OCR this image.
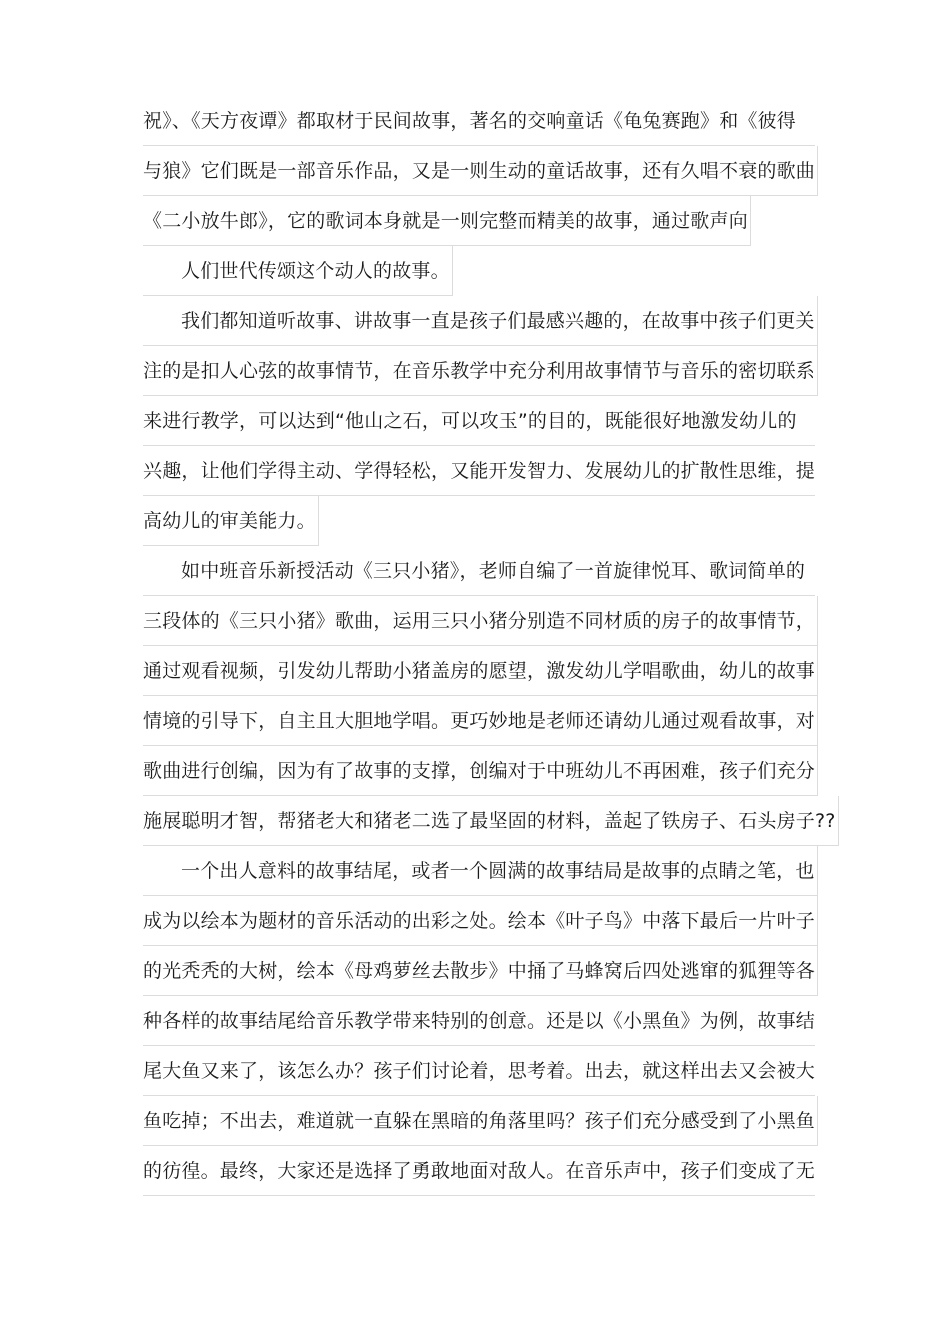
祝》、《天方夜谭》都取材于民间故事，著名的交响童话《龟兔赛跑》和《彼得
与狼》它们既是一部音乐作品，又是一则生动的童话故事，还有久唱不衰的歌曲
《二小放牛郎》，它的歌词本身就是一则完整而精美的故事，通过歌声向
人们世代传颂这个动人的故事。
我们都知道听故事、讲故事一直是孩子们最感兴趣的，在故事中孩子们更关
注的是扣人心弦的故事情节，在音乐教学中充分利用故事情节与音乐的密切联系
来进行教学，可以达到“他山之石，可以攻玉”的目的，既能很好地激发幼儿的
兴趣，让他们学得主动、学得轻松，又能开发智力、发展幼儿的扩散性思维，提
高幼儿的审美能力。
如中班音乐新授活动《三只小猪》，老师自编了一首旋律悦耳、歌词简单的
三段体的《三只小猪》歌曲，运用三只小猪分别造不同材质的房子的故事情节，
通过观看视频，引发幼儿帮助小猪盖房的愿望，激发幼儿学唱歌曲，幼儿的故事
情境的引导下，自主且大胆地学唱。更巧妙地是老师还请幼儿通过观看故事，对
歌曲进行创编，因为有了故事的支撑，创编对于中班幼儿不再困难，孩子们充分
施展聪明才智，帮猪老大和猪老二选了最坚固的材料，盖起了铁房子、石头房子??
一个出人意料的故事结尾，或者一个圆满的故事结局是故事的点睛之笔，也
成为以绘本为题材的音乐活动的出彩之处。绘本《叶子鸟》中落下最后一片叶子
的光秃秃的大树，绘本《母鸡萝丝去散步》中捅了马蜂窝后四处逃窜的狐狸等各
种各样的故事结尾给音乐教学带来特别的创意。还是以《小黑鱼》为例，故事结
尾大鱼又来了，该怎么办？孩子们讨论着，思考着。出去，就这样出去又会被大
鱼吃掉；不出去，难道就一直躲在黑暗的角落里吗？孩子们充分感受到了小黑鱼
的彷徨。最终，大家还是选择了勇敢地面对敌人。在音乐声中，孩子们变成了无
